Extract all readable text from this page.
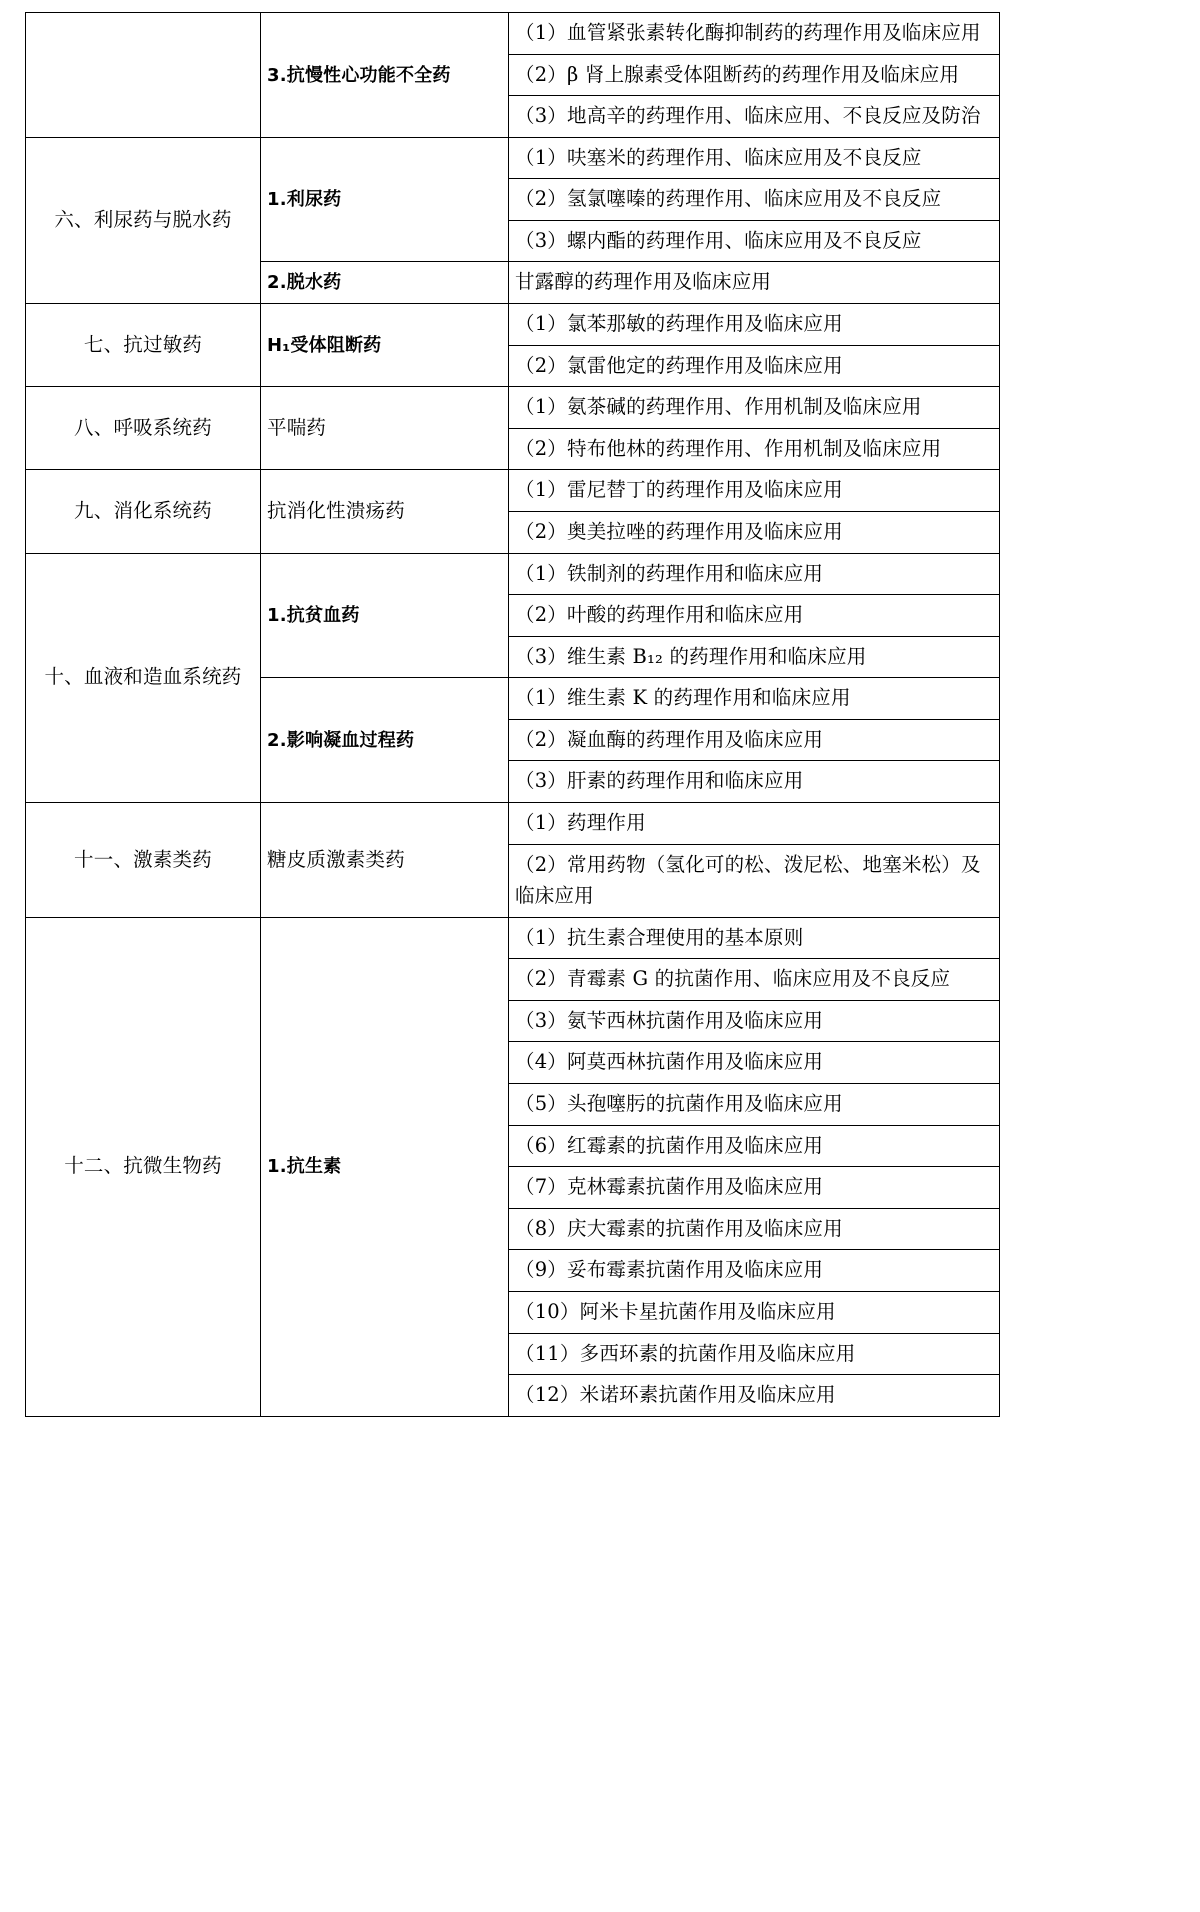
	3.抗慢性心功能不全药	（1）血管紧张素转化酶抑制药的药理作用及临床应用
		（2）β 肾上腺素受体阻断药的药理作用及临床应用
		（3）地高辛的药理作用、临床应用、不良反应及防治
六、利尿药与脱水药	1.利尿药	（1）呋塞米的药理作用、临床应用及不良反应
		（2）氢氯噻嗪的药理作用、临床应用及不良反应
		（3）螺内酯的药理作用、临床应用及不良反应
	2.脱水药	甘露醇的药理作用及临床应用
七、抗过敏药	H₁受体阻断药	（1）氯苯那敏的药理作用及临床应用
		（2）氯雷他定的药理作用及临床应用
八、呼吸系统药	平喘药	（1）氨茶碱的药理作用、作用机制及临床应用
		（2）特布他林的药理作用、作用机制及临床应用
九、消化系统药	抗消化性溃疡药	（1）雷尼替丁的药理作用及临床应用
		（2）奥美拉唑的药理作用及临床应用
十、血液和造血系统药	1.抗贫血药	（1）铁制剂的药理作用和临床应用
		（2）叶酸的药理作用和临床应用
		（3）维生素 B₁₂ 的药理作用和临床应用
	2.影响凝血过程药	（1）维生素 K 的药理作用和临床应用
		（2）凝血酶的药理作用及临床应用
		（3）肝素的药理作用和临床应用
十一、激素类药	糖皮质激素类药	（1）药理作用
		（2）常用药物（氢化可的松、泼尼松、地塞米松）及临床应用
十二、抗微生物药	1.抗生素	（1）抗生素合理使用的基本原则
		（2）青霉素 G 的抗菌作用、临床应用及不良反应
		（3）氨苄西林抗菌作用及临床应用
		（4）阿莫西林抗菌作用及临床应用
		（5）头孢噻肟的抗菌作用及临床应用
		（6）红霉素的抗菌作用及临床应用
		（7）克林霉素抗菌作用及临床应用
		（8）庆大霉素的抗菌作用及临床应用
		（9）妥布霉素抗菌作用及临床应用
		（10）阿米卡星抗菌作用及临床应用
		（11）多西环素的抗菌作用及临床应用
		（12）米诺环素抗菌作用及临床应用
